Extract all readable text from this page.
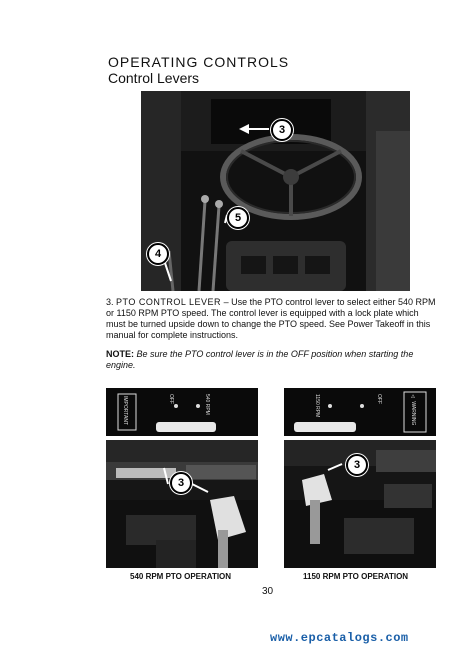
OPERATING CONTROLS
Control Levers
3
5
4
3. PTO CONTROL LEVER – Use the PTO control lever to select either 540 RPM or 1150 RPM PTO speed. The control lever is equipped with a lock plate which must be turned upside down to change the PTO speed. See Power Takeoff in this manual for complete instructions.
NOTE: Be sure the PTO control lever is in the OFF position when starting the engine.
IMPORTANT	OFF	540 RPM
3
1150 RPM	OFF	⚠ WARNING
3
540 RPM PTO OPERATION	1150 RPM PTO OPERATION
30
www.epcatalogs.com
